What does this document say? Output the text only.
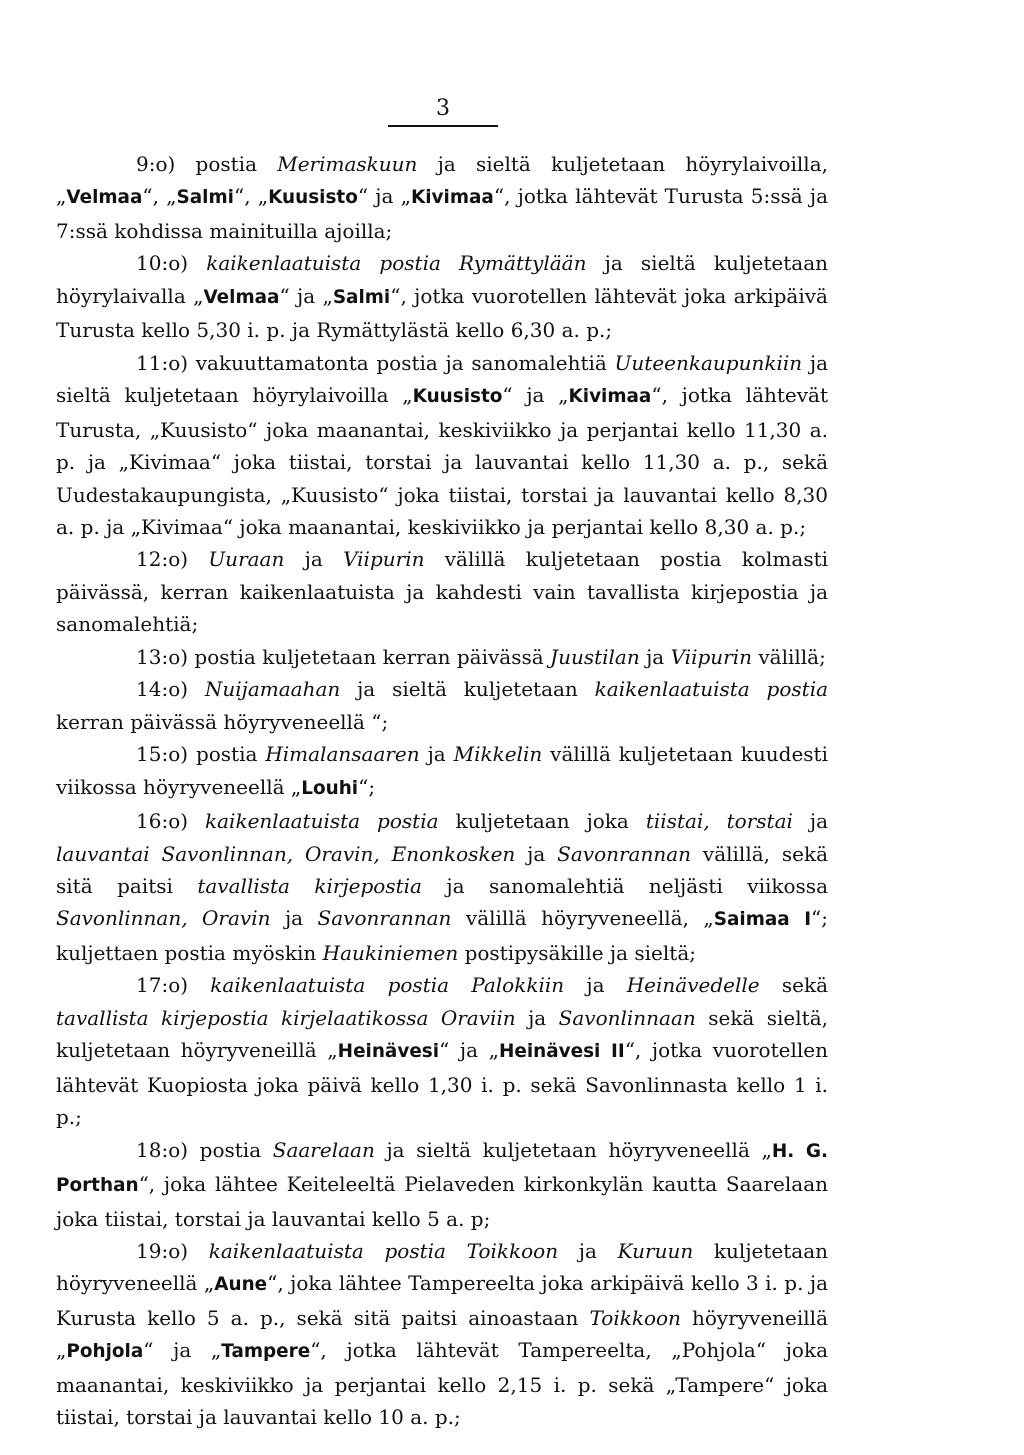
3

9:o) postia Merimaskuun ja sieltä kuljetetaan höyrylaivoilla, „Velmaa“, „Salmi“, „Kuusisto“ ja „Kivimaa“, jotka lähtevät Turusta 5:ssä ja 7:ssä kohdissa mainituilla ajoilla;

10:o) kaikenlaatuista postia Rymättylään ja sieltä kuljetetaan höyrylaivalla „Velmaa“ ja „Salmi“, jotka vuorotellen lähtevät joka arkipäivä Turusta kello 5,30 i. p. ja Rymättylästä kello 6,30 a. p.;

11:o) vakuuttamatonta postia ja sanomalehtiä Uuteenkaupunkiin ja sieltä kuljetetaan höyrylaivoilla „Kuusisto“ ja „Kivimaa“, jotka lähtevät Turusta, „Kuusisto“ joka maanantai, keskiviikko ja perjantai kello 11,30 a. p. ja „Kivimaa“ joka tiistai, torstai ja lauvantai kello 11,30 a. p., sekä Uudestakaupungista, „Kuusisto“ joka tiistai, torstai ja lauvantai kello 8,30 a. p. ja „Kivimaa“ joka maanantai, keskiviikko ja perjantai kello 8,30 a. p.;

12:o) Uuraan ja Viipurin välillä kuljetetaan postia kolmasti päivässä, kerran kaikenlaatuista ja kahdesti vain tavallista kirjepostia ja sanomalehtiä;

13:o) postia kuljetetaan kerran päivässä Juustilan ja Viipurin välillä;

14:o) Nuijamaahan ja sieltä kuljetetaan kaikenlaatuista postia kerran päivässä höyryveneellä “;

15:o) postia Himalansaaren ja Mikkelin välillä kuljetetaan kuudesti viikossa höyryveneellä „Louhi“;

16:o) kaikenlaatuista postia kuljetetaan joka tiistai, torstai ja lauvantai Savonlinnan, Oravin, Enonkosken ja Savonrannan välillä, sekä sitä paitsi tavallista kirjepostia ja sanomalehtiä neljästi viikossa Savonlinnan, Oravin ja Savonrannan välillä höyryveneellä, „Saimaa I“; kuljettaen postia myöskin Haukiniemen postipysäkille ja sieltä;

17:o) kaikenlaatuista postia Palokkiin ja Heinävedelle sekä tavallista kirjepostia kirjelaatikossa Oraviin ja Savonlinnaan sekä sieltä, kuljetetaan höyryveneillä „Heinävesi“ ja „Heinävesi II“, jotka vuorotellen lähtevät Kuopiosta joka päivä kello 1,30 i. p. sekä Savonlinnasta kello 1 i. p.;

18:o) postia Saarelaan ja sieltä kuljetetaan höyryveneellä „H. G. Porthan“, joka lähtee Keiteleeltä Pielaveden kirkonkylän kautta Saarelaan joka tiistai, torstai ja lauvantai kello 5 a. p;

19:o) kaikenlaatuista postia Toikkoon ja Kuruun kuljetetaan höyryveneellä „Aune“, joka lähtee Tampereelta joka arkipäivä kello 3 i. p. ja Kurusta kello 5 a. p., sekä sitä paitsi ainoastaan Toikkoon höyryveneillä „Pohjola“ ja „Tampere“, jotka lähtevät Tampereelta, „Pohjola“ joka maanantai, keskiviikko ja perjantai kello 2,15 i. p. sekä „Tampere“ joka tiistai, torstai ja lauvantai kello 10 a. p.;
